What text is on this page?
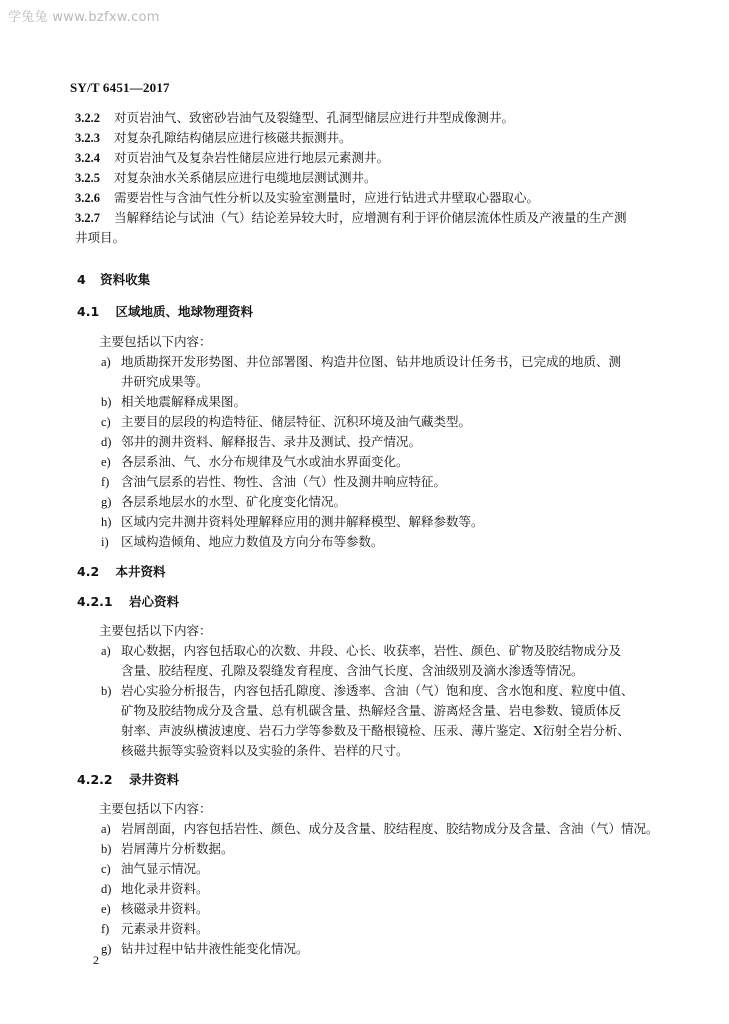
学兔兔 www.bzfxw.com
SY/T 6451—2017
3.2.2 对页岩油气、致密砂岩油气及裂缝型、孔洞型储层应进行井型成像测井。
3.2.3 对复杂孔隙结构储层应进行核磁共振测井。
3.2.4 对页岩油气及复杂岩性储层应进行地层元素测井。
3.2.5 对复杂油水关系储层应进行电缆地层测试测井。
3.2.6 需要岩性与含油气性分析以及实验室测量时，应进行钻进式井壁取心器取心。
3.2.7 当解释结论与试油（气）结论差异较大时，应增测有利于评价储层流体性质及产液量的生产测
井项目。
4 资料收集
4.1 区域地质、地球物理资料
主要包括以下内容：
a) 地质勘探开发形势图、井位部署图、构造井位图、钻井地质设计任务书，已完成的地质、测
井研究成果等。
b) 相关地震解释成果图。
c) 主要目的层段的构造特征、储层特征、沉积环境及油气藏类型。
d) 邻井的测井资料、解释报告、录井及测试、投产情况。
e) 各层系油、气、水分布规律及气水或油水界面变化。
f) 含油气层系的岩性、物性、含油（气）性及测井响应特征。
g) 各层系地层水的水型、矿化度变化情况。
h) 区域内完井测井资料处理解释应用的测井解释模型、解释参数等。
i) 区域构造倾角、地应力数值及方向分布等参数。
4.2 本井资料
4.2.1 岩心资料
主要包括以下内容：
a) 取心数据，内容包括取心的次数、井段、心长、收获率，岩性、颜色、矿物及胶结物成分及
含量、胶结程度、孔隙及裂缝发育程度、含油气长度、含油级别及滴水渗透等情况。
b) 岩心实验分析报告，内容包括孔隙度、渗透率、含油（气）饱和度、含水饱和度、粒度中值、
矿物及胶结物成分及含量、总有机碳含量、热解烃含量、游离烃含量、岩电参数、镜质体反
射率、声波纵横波速度、岩石力学等参数及干酪根镜检、压汞、薄片鉴定、X衍射全岩分析、
核磁共振等实验资料以及实验的条件、岩样的尺寸。
4.2.2 录井资料
主要包括以下内容：
a) 岩屑剖面，内容包括岩性、颜色、成分及含量、胶结程度、胶结物成分及含量、含油（气）情况。
b) 岩屑薄片分析数据。
c) 油气显示情况。
d) 地化录井资料。
e) 核磁录井资料。
f) 元素录井资料。
g) 钻井过程中钻井液性能变化情况。
2
